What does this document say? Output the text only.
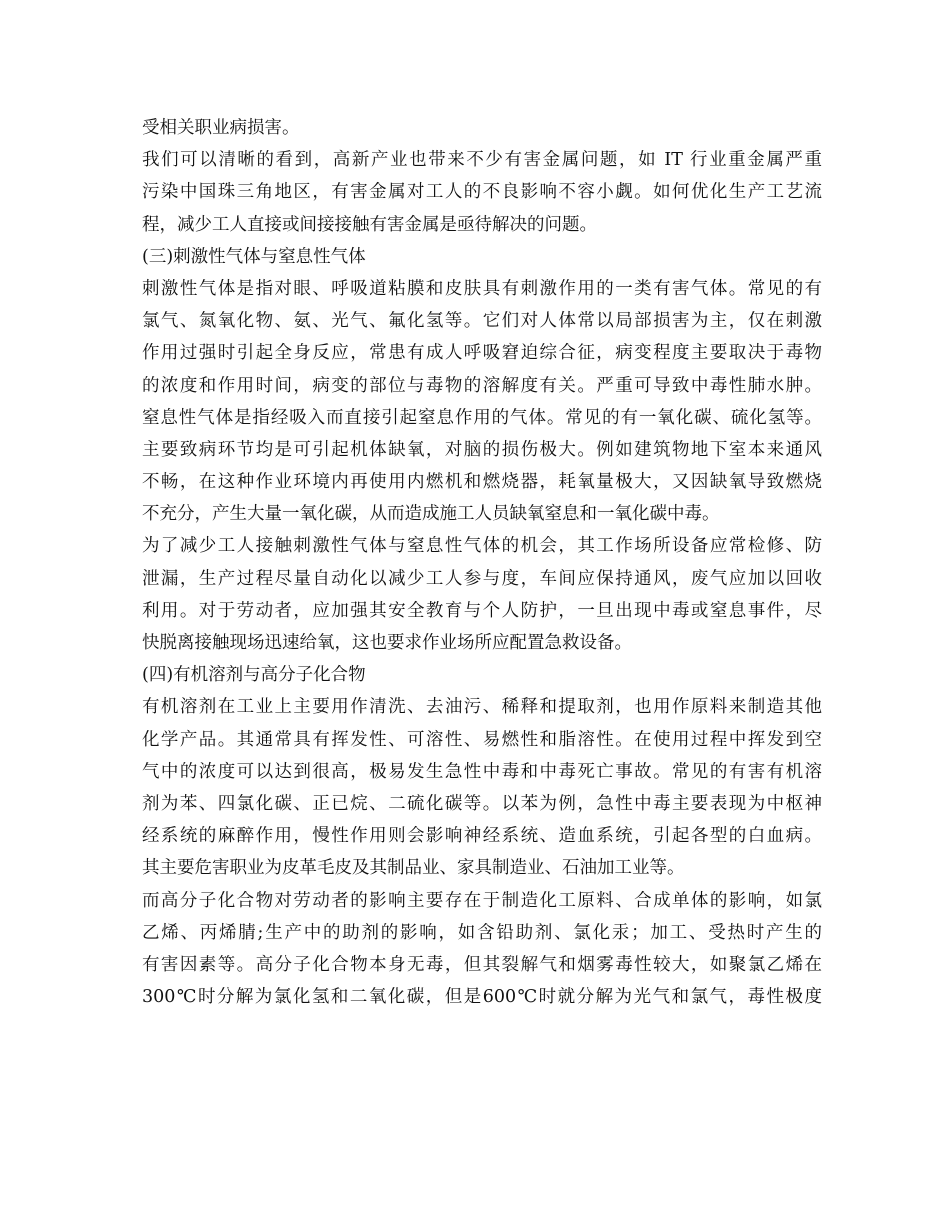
受相关职业病损害。
我们可以清晰的看到，高新产业也带来不少有害金属问题，如 IT 行业重金属严重
污染中国珠三角地区，有害金属对工人的不良影响不容小觑。如何优化生产工艺流
程，减少工人直接或间接接触有害金属是亟待解决的问题。
(三)刺激性气体与窒息性气体
刺激性气体是指对眼、呼吸道粘膜和皮肤具有刺激作用的一类有害气体。常见的有
氯气、氮氧化物、氨、光气、氟化氢等。它们对人体常以局部损害为主，仅在刺激
作用过强时引起全身反应，常患有成人呼吸窘迫综合征，病变程度主要取决于毒物
的浓度和作用时间，病变的部位与毒物的溶解度有关。严重可导致中毒性肺水肿。
窒息性气体是指经吸入而直接引起窒息作用的气体。常见的有一氧化碳、硫化氢等。
主要致病环节均是可引起机体缺氧，对脑的损伤极大。例如建筑物地下室本来通风
不畅，在这种作业环境内再使用内燃机和燃烧器，耗氧量极大，又因缺氧导致燃烧
不充分，产生大量一氧化碳，从而造成施工人员缺氧窒息和一氧化碳中毒。
为了减少工人接触刺激性气体与窒息性气体的机会，其工作场所设备应常检修、防
泄漏，生产过程尽量自动化以减少工人参与度，车间应保持通风，废气应加以回收
利用。对于劳动者，应加强其安全教育与个人防护，一旦出现中毒或窒息事件，尽
快脱离接触现场迅速给氧，这也要求作业场所应配置急救设备。
(四)有机溶剂与高分子化合物
有机溶剂在工业上主要用作清洗、去油污、稀释和提取剂，也用作原料来制造其他
化学产品。其通常具有挥发性、可溶性、易燃性和脂溶性。在使用过程中挥发到空
气中的浓度可以达到很高，极易发生急性中毒和中毒死亡事故。常见的有害有机溶
剂为苯、四氯化碳、正已烷、二硫化碳等。以苯为例，急性中毒主要表现为中枢神
经系统的麻醉作用，慢性作用则会影响神经系统、造血系统，引起各型的白血病。
其主要危害职业为皮革毛皮及其制品业、家具制造业、石油加工业等。
而高分子化合物对劳动者的影响主要存在于制造化工原料、合成单体的影响，如氯
乙烯、丙烯腈;生产中的助剂的影响，如含铅助剂、氯化汞；加工、受热时产生的
有害因素等。高分子化合物本身无毒，但其裂解气和烟雾毒性较大，如聚氯乙烯在
300℃时分解为氯化氢和二氧化碳，但是600℃时就分解为光气和氯气，毒性极度
